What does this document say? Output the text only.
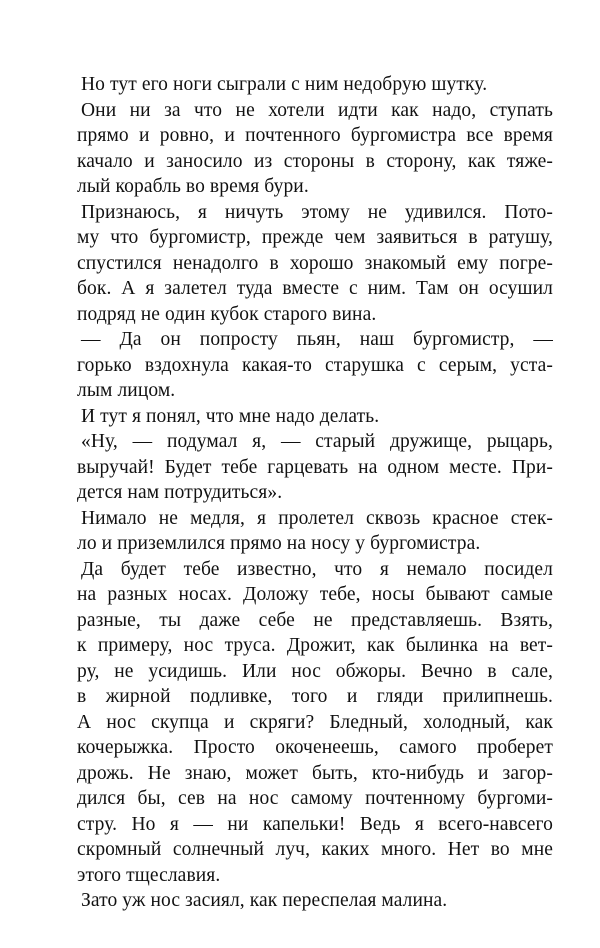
Но тут его ноги сыграли с ним недобрую шутку.
Они ни за что не хотели идти как надо, ступать
прямо и ровно, и почтенного бургомистра все время
качало и заносило из стороны в сторону, как тяже-
лый корабль во время бури.
Признаюсь, я ничуть этому не удивился. Пото-
му что бургомистр, прежде чем заявиться в ратушу,
спустился ненадолго в хорошо знакомый ему погре-
бок. А я залетел туда вместе с ним. Там он осушил
подряд не один кубок старого вина.
— Да он попросту пьян, наш бургомистр, —
горько вздохнула какая-то старушка с серым, уста-
лым лицом.
И тут я понял, что мне надо делать.
«Ну, — подумал я, — старый дружище, рыцарь,
выручай! Будет тебе гарцевать на одном месте. При-
дется нам потрудиться».
Нимало не медля, я пролетел сквозь красное стек-
ло и приземлился прямо на носу у бургомистра.
Да будет тебе известно, что я немало посидел
на разных носах. Доложу тебе, носы бывают самые
разные, ты даже себе не представляешь. Взять,
к примеру, нос труса. Дрожит, как былинка на вет-
ру, не усидишь. Или нос обжоры. Вечно в сале,
в жирной подливке, того и гляди прилипнешь.
А нос скупца и скряги? Бледный, холодный, как
кочерыжка. Просто окоченеешь, самого проберет
дрожь. Не знаю, может быть, кто-нибудь и загор-
дился бы, сев на нос самому почтенному бургоми-
стру. Но я — ни капельки! Ведь я всего-навсего
скромный солнечный луч, каких много. Нет во мне
этого тщеславия.
Зато уж нос засиял, как переспелая малина.
